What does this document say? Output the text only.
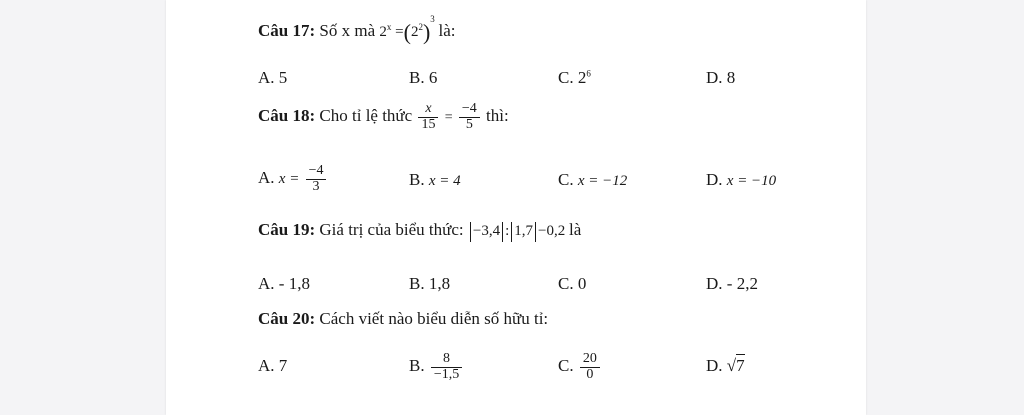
Câu 17: Số x mà $2^x =(2^2)^3$ là:
A. 5	B. 6	C. $2^6$	D. 8
Câu 18: Cho tỉ lệ thức $\frac{x}{15} = \frac{-4}{5}$ thì:
A. $x = \frac{-4}{3}$	B. x = 4	C. x = −12	D. x = −10
Câu 19: Giá trị của biểu thức: −3,4 : 1,7 −0,2 là
A. - 1,8	B. 1,8	C. 0	D. - 2,2
Câu 20: Cách viết nào biểu diễn số hữu tỉ:
A. 7	B. $\frac{8}{-1,5}$	C. $\frac{20}{0}$	D. √7
